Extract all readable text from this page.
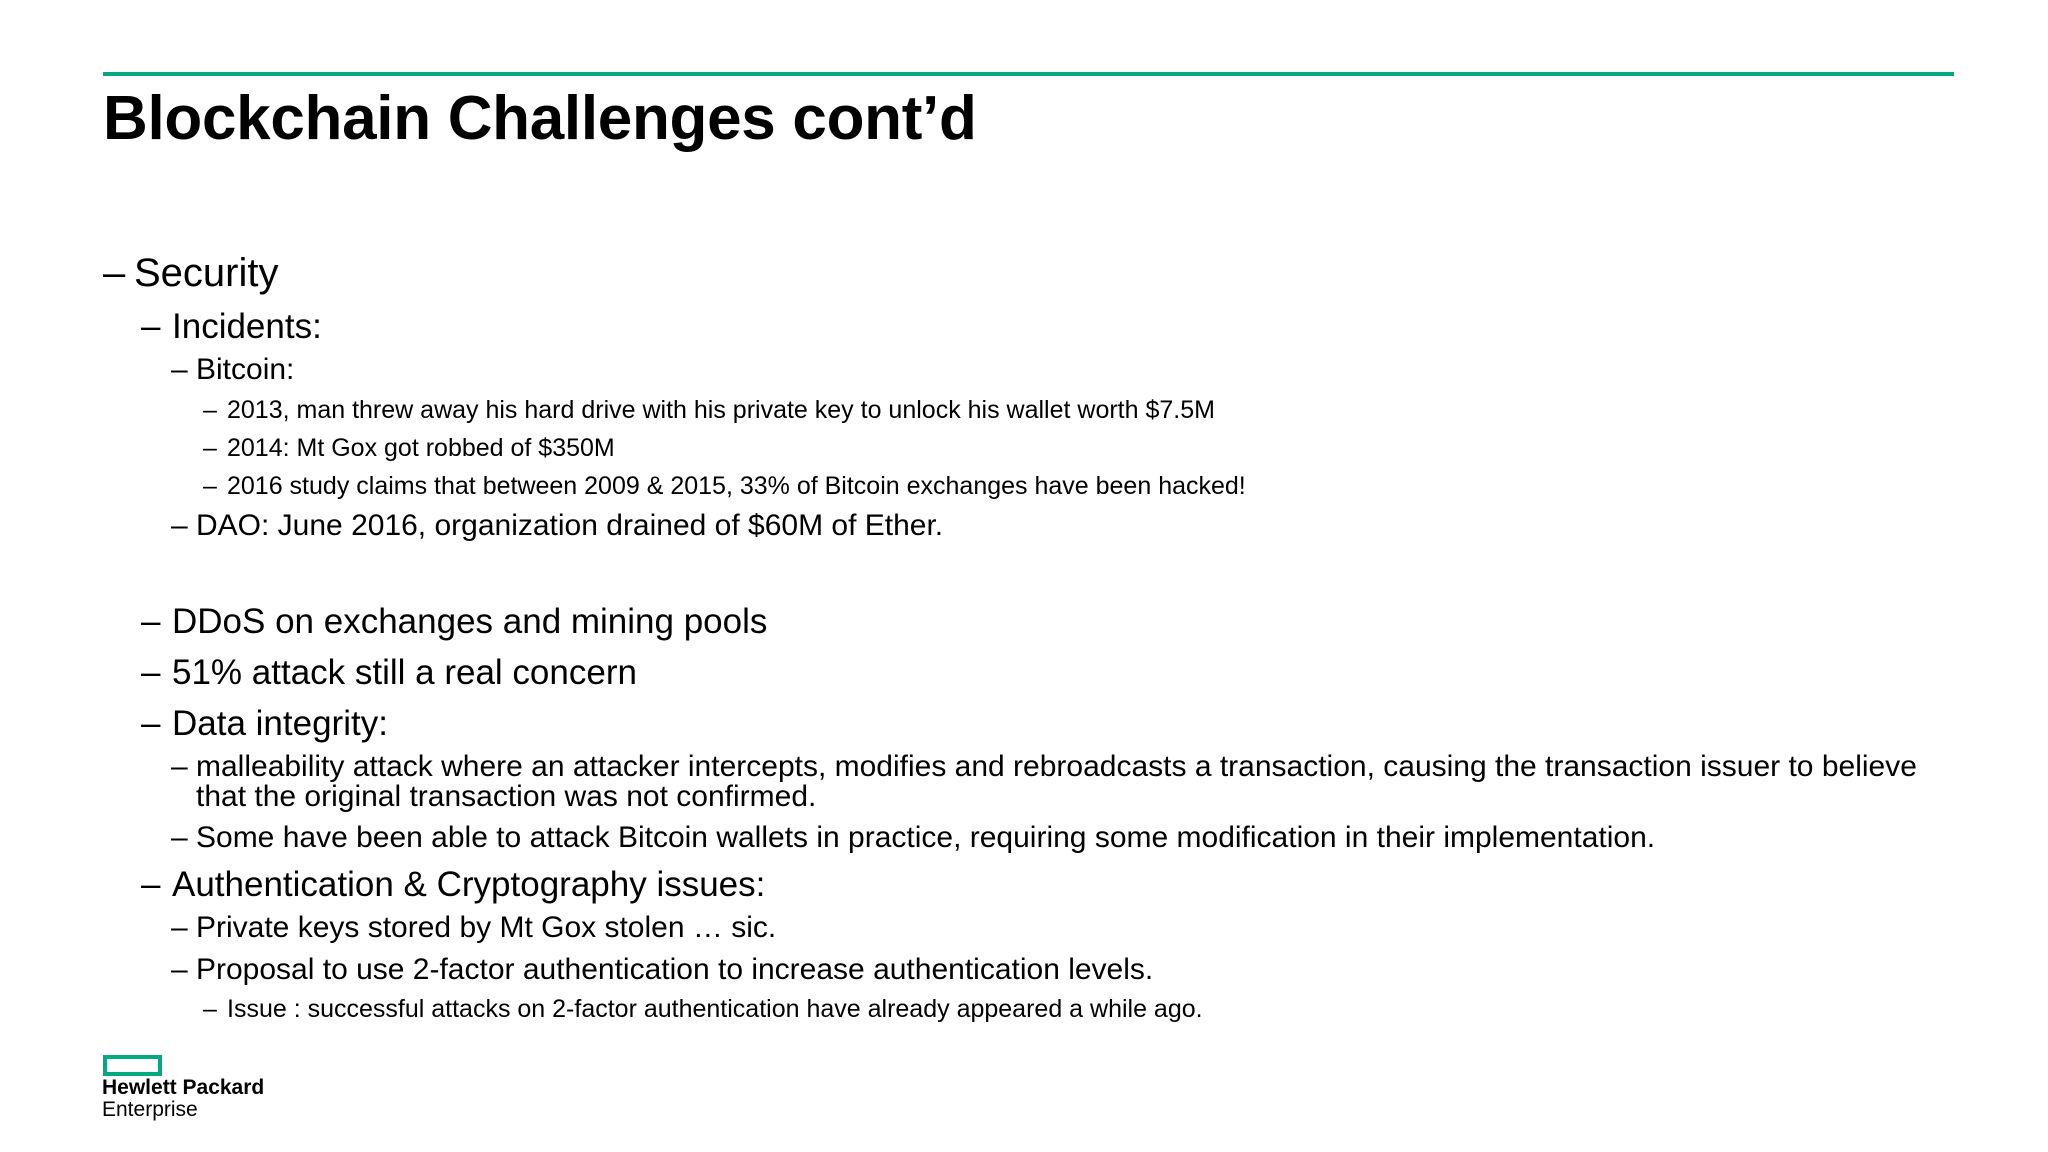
Blockchain Challenges cont’d
– Security
– Incidents:
– Bitcoin:
– 2013, man threw away his hard drive with his private key to unlock his wallet worth $7.5M
– 2014: Mt Gox got robbed of $350M
– 2016 study claims that between 2009 & 2015, 33% of Bitcoin exchanges have been hacked!
– DAO: June 2016, organization drained of $60M of Ether.
– DDoS on exchanges and mining pools
– 51% attack still a real concern
– Data integrity:
– malleability attack where an attacker intercepts, modifies and rebroadcasts a transaction, causing the transaction issuer to believe that the original transaction was not confirmed.
– Some have been able to attack Bitcoin wallets in practice, requiring some modification in their implementation.
– Authentication & Cryptography issues:
– Private keys stored by Mt Gox stolen … sic.
– Proposal to use 2-factor authentication to increase authentication levels.
– Issue : successful attacks on 2-factor authentication have already appeared a while ago.
Hewlett Packard
Enterprise
